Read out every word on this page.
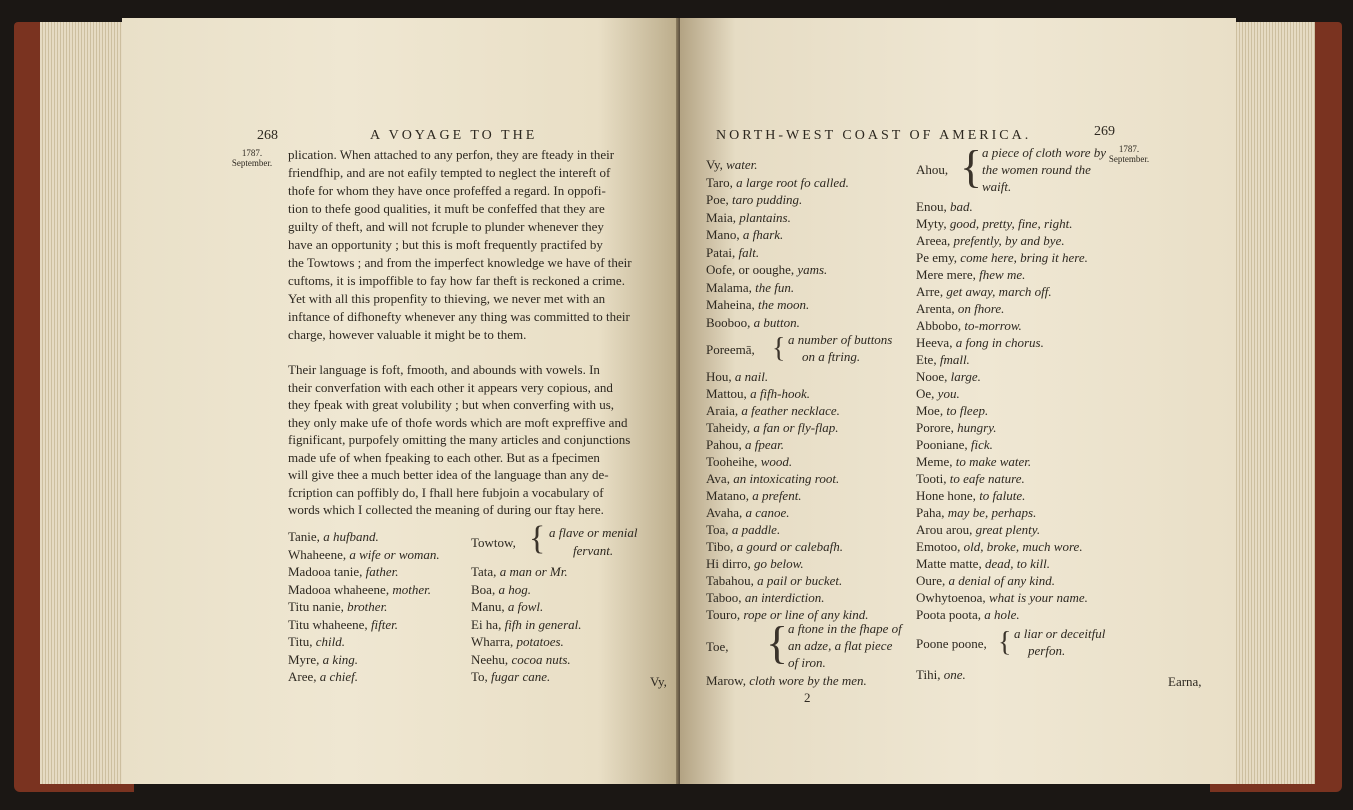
268	A VOYAGE TO THE
1787.
September.
plication. When attached to any perfon, they are fteady in their
friendfhip, and are not eafily tempted to neglect the intereft of
thofe for whom they have once profeffed a regard. In oppofi-
tion to thefe good qualities, it muft be confeffed that they are
guilty of theft, and will not fcruple to plunder whenever they
have an opportunity ; but this is moft frequently practifed by
the Towtows ; and from the imperfect knowledge we have of their
cuftoms, it is impoffible to fay how far theft is reckoned a crime.
Yet with all this propenfity to thieving, we never met with an
inftance of difhonefty whenever any thing was committed to their
charge, however valuable it might be to them.
Their language is foft, fmooth, and abounds with vowels. In
their converfation with each other it appears very copious, and
they fpeak with great volubility ; but when converfing with us,
they only make ufe of thofe words which are moft expreffive and
fignificant, purpofely omitting the many articles and conjunctions
made ufe of when fpeaking to each other. But as a fpecimen
will give thee a much better idea of the language than any de-
fcription can poffibly do, I fhall here fubjoin a vocabulary of
words which I collected the meaning of during our ftay here.
Tanie, a hufband.
Whaheene, a wife or woman.
Madooa tanie, father.
Madooa whaheene, mother.
Titu nanie, brother.
Titu whaheene, fifter.
Titu, child.
Myre, a king.
Aree, a chief.
Towtow, { a flave or menial
fervant.
Tata, a man or Mr.
Boa, a hog.
Manu, a fowl.
Ei ha, fifh in general.
Wharra, potatoes.
Neehu, cocoa nuts.
To, fugar cane.	Vy,
NORTH-WEST COAST OF AMERICA.	269
1787.
September.
Vy, water.
Taro, a large root fo called.
Poe, taro pudding.
Maia, plantains.
Mano, a fhark.
Patai, falt.
Oofe, or ooughe, yams.
Malama, the fun.
Maheina, the moon.
Booboo, a button.
Poreemā, { a number of buttons
on a ftring.
Hou, a nail.
Mattou, a fifh-hook.
Araia, a feather necklace.
Taheidy, a fan or fly-flap.
Pahou, a fpear.
Tooheihe, wood.
Ava, an intoxicating root.
Matano, a prefent.
Avaha, a canoe.
Toa, a paddle.
Tibo, a gourd or calebafh.
Hi dirro, go below.
Tabahou, a pail or bucket.
Taboo, an interdiction.
Touro, rope or line of any kind.
Toe, { a ftone in the fhape of
an adze, a flat piece
of iron.
Marow, cloth wore by the men.
2
Ahou, { a piece of cloth wore by
the women round the
waift.
Enou, bad.
Myty, good, pretty, fine, right.
Areea, prefently, by and bye.
Pe emy, come here, bring it here.
Mere mere, fhew me.
Arre, get away, march off.
Arenta, on fhore.
Abbobo, to-morrow.
Heeva, a fong in chorus.
Ete, fmall.
Nooe, large.
Oe, you.
Moe, to fleep.
Porore, hungry.
Pooniane, fick.
Meme, to make water.
Tooti, to eafe nature.
Hone hone, to falute.
Paha, may be, perhaps.
Arou arou, great plenty.
Emotoo, old, broke, much wore.
Matte matte, dead, to kill.
Oure, a denial of any kind.
Owhytoenoa, what is your name.
Poota poota, a hole.
Poone poone, { a liar or deceitful
perfon.
Tihi, one.	Earna,
